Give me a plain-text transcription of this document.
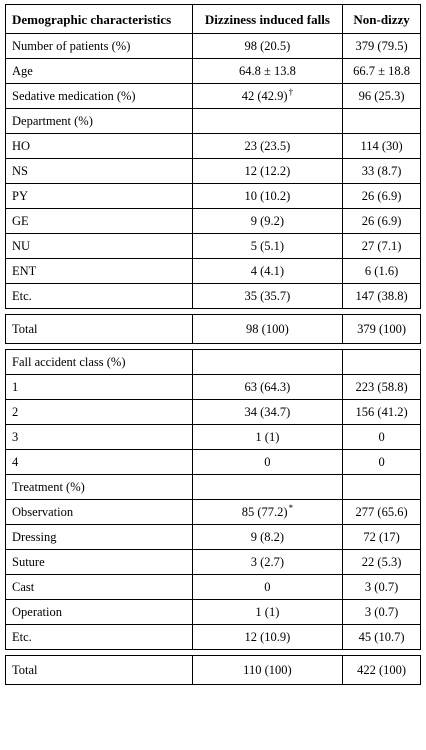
Demographic characteristics	Dizziness induced falls	Non-dizzy
Number of patients (%)	98 (20.5)	379 (79.5)
Age	64.8 ± 13.8	66.7 ± 18.8
Sedative medication (%)	42 (42.9)†	96 (25.3)
Department (%)		
HO	23 (23.5)	114 (30)
NS	12 (12.2)	33 (8.7)
PY	10 (10.2)	26 (6.9)
GE	9 (9.2)	26 (6.9)
NU	5 (5.1)	27 (7.1)
ENT	4 (4.1)	6 (1.6)
Etc.	35 (35.7)	147 (38.8)

Total	98 (100)	379 (100)

Fall accident class (%)		
1	63 (64.3)	223 (58.8)
2	34 (34.7)	156 (41.2)
3	1 (1)	0
4	0	0
Treatment (%)		
Observation	85 (77.2)*	277 (65.6)
Dressing	9 (8.2)	72 (17)
Suture	3 (2.7)	22 (5.3)
Cast	0	3 (0.7)
Operation	1 (1)	3 (0.7)
Etc.	12 (10.9)	45 (10.7)

Total	110 (100)	422 (100)
